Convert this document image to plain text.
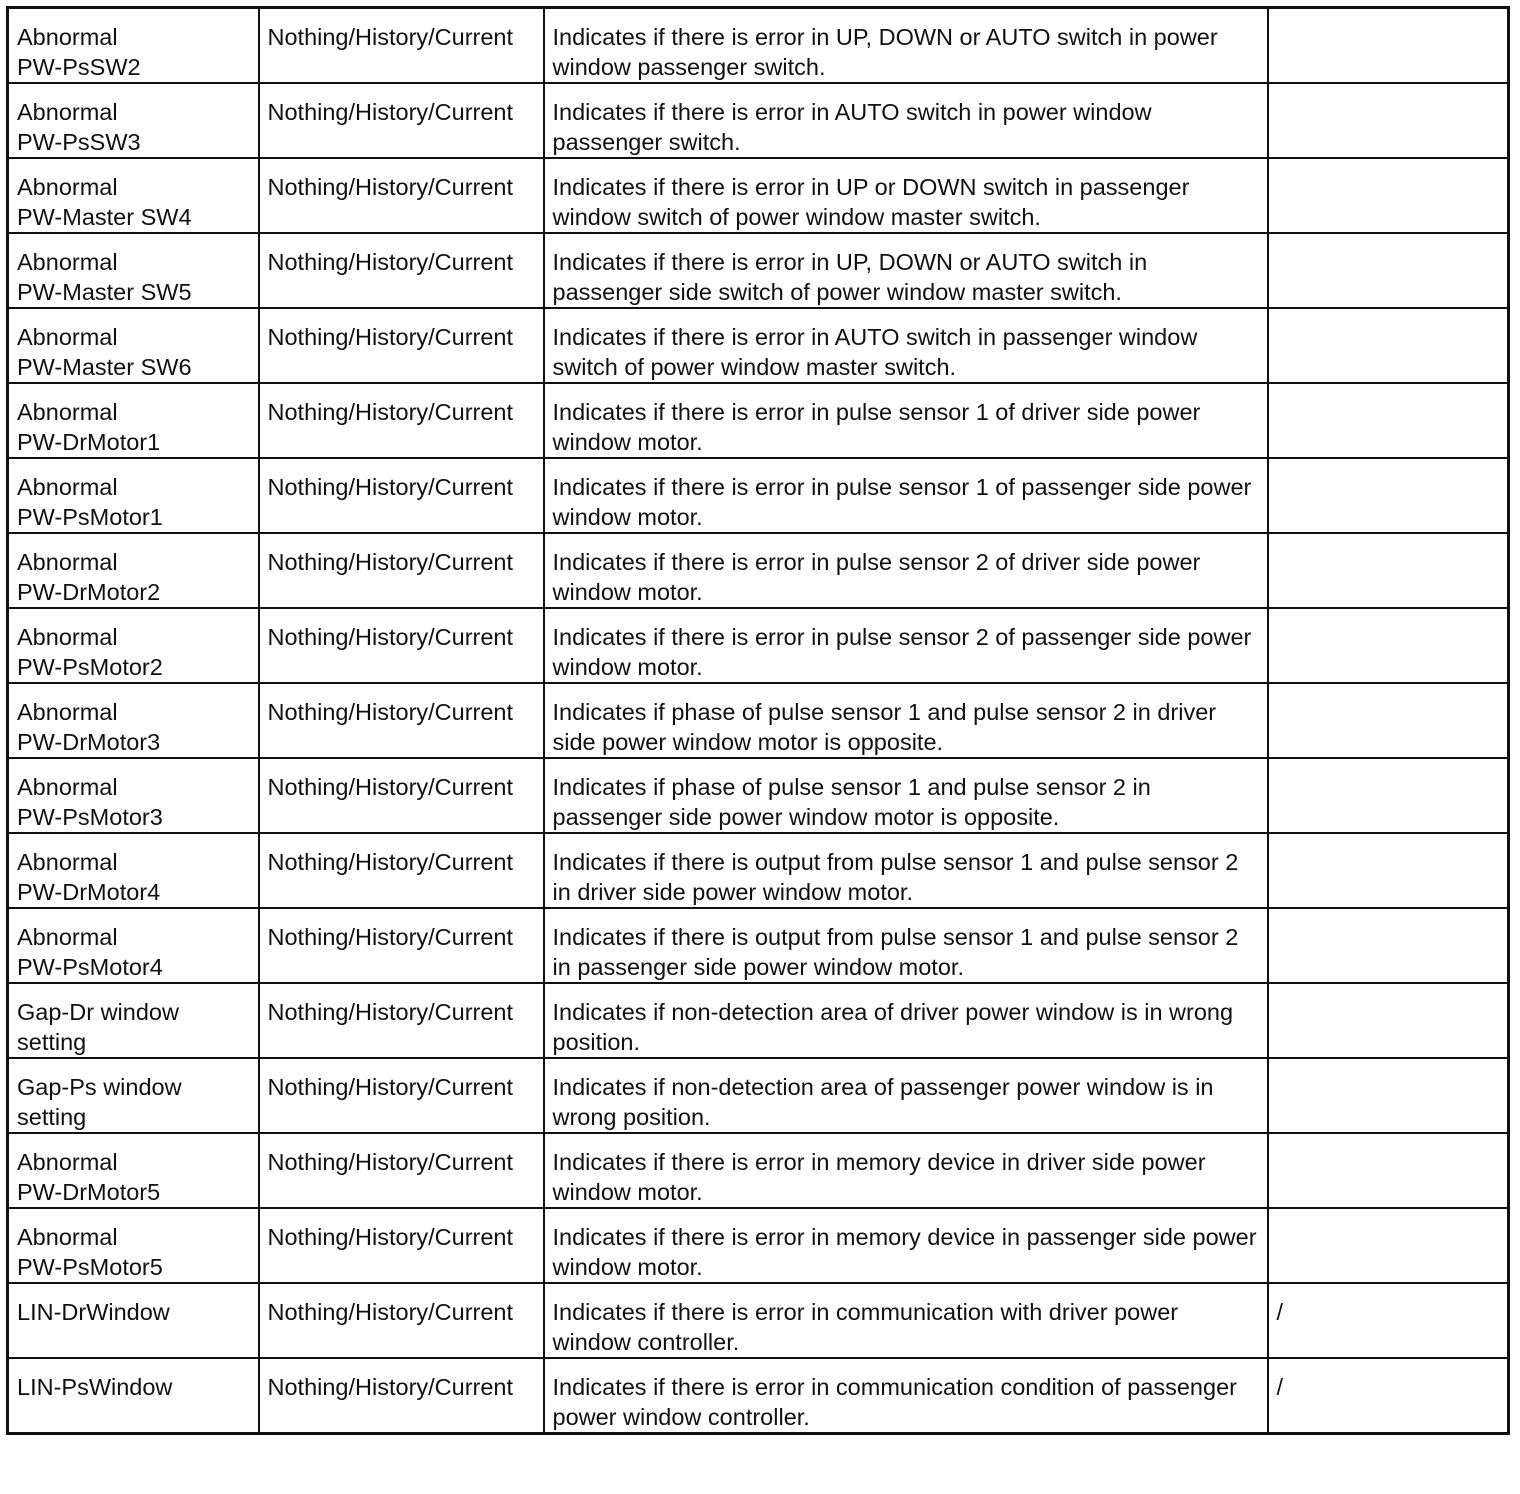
Abnormal
PW-PsSW2	Nothing/History/Current	Indicates if there is error in UP, DOWN or AUTO switch in power window passenger switch.	

Abnormal
PW-PsSW3	Nothing/History/Current	Indicates if there is error in AUTO switch in power window passenger switch.	

Abnormal
PW-Master SW4	Nothing/History/Current	Indicates if there is error in UP or DOWN switch in passenger window switch of power window master switch.	

Abnormal
PW-Master SW5	Nothing/History/Current	Indicates if there is error in UP, DOWN or AUTO switch in passenger side switch of power window master switch.	

Abnormal
PW-Master SW6	Nothing/History/Current	Indicates if there is error in AUTO switch in passenger window switch of power window master switch.	

Abnormal
PW-DrMotor1	Nothing/History/Current	Indicates if there is error in pulse sensor 1 of driver side power window motor.	

Abnormal
PW-PsMotor1	Nothing/History/Current	Indicates if there is error in pulse sensor 1 of passenger side power window motor.	

Abnormal
PW-DrMotor2	Nothing/History/Current	Indicates if there is error in pulse sensor 2 of driver side power window motor.	

Abnormal
PW-PsMotor2	Nothing/History/Current	Indicates if there is error in pulse sensor 2 of passenger side power window motor.	

Abnormal
PW-DrMotor3	Nothing/History/Current	Indicates if phase of pulse sensor 1 and pulse sensor 2 in driver side power window motor is opposite.	

Abnormal
PW-PsMotor3	Nothing/History/Current	Indicates if phase of pulse sensor 1 and pulse sensor 2 in passenger side power window motor is opposite.	

Abnormal
PW-DrMotor4	Nothing/History/Current	Indicates if there is output from pulse sensor 1 and pulse sensor 2 in driver side power window motor.	

Abnormal
PW-PsMotor4	Nothing/History/Current	Indicates if there is output from pulse sensor 1 and pulse sensor 2 in passenger side power window motor.	

Gap-Dr window
setting	Nothing/History/Current	Indicates if non-detection area of driver power window is in wrong position.	

Gap-Ps window
setting	Nothing/History/Current	Indicates if non-detection area of passenger power window is in wrong position.	

Abnormal
PW-DrMotor5	Nothing/History/Current	Indicates if there is error in memory device in driver side power window motor.	

Abnormal
PW-PsMotor5	Nothing/History/Current	Indicates if there is error in memory device in passenger side power window motor.	

LIN-DrWindow	Nothing/History/Current	Indicates if there is error in communication with driver power window controller.	/

LIN-PsWindow	Nothing/History/Current	Indicates if there is error in communication condition of passenger power window controller.	/
